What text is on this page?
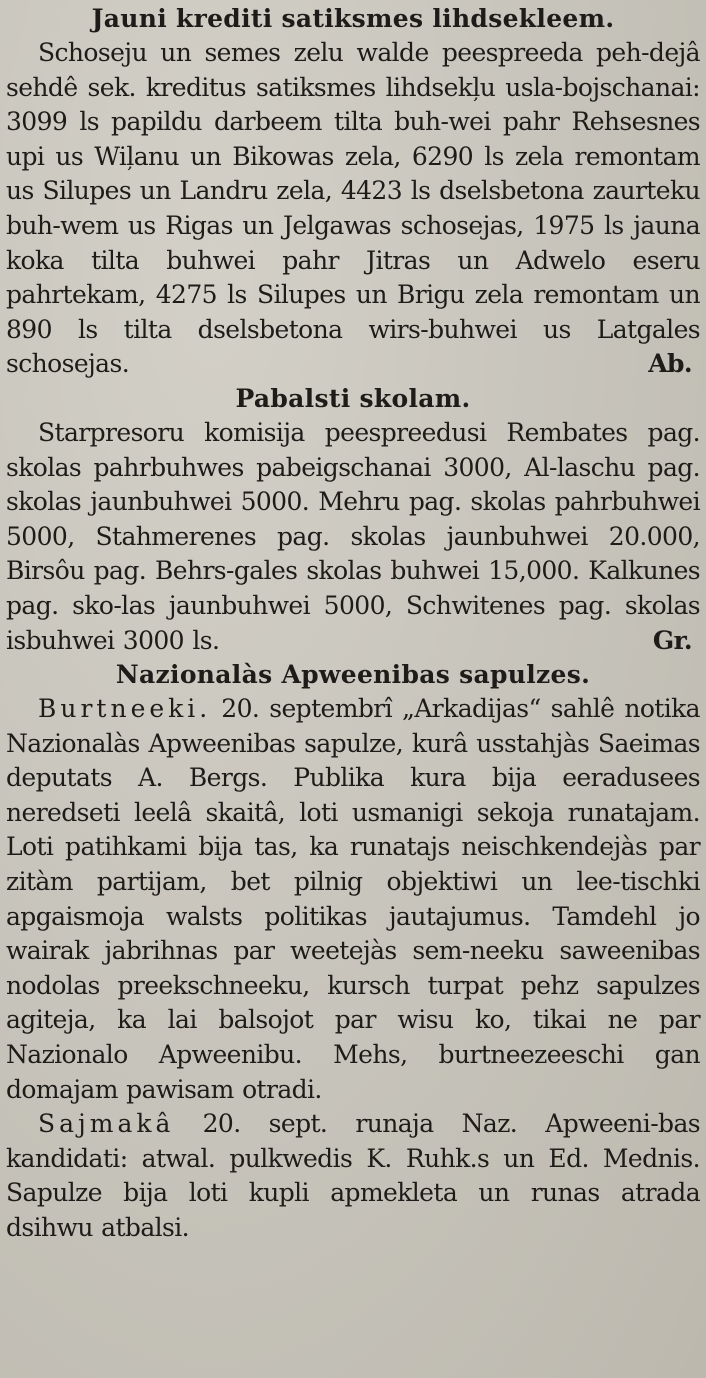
Jauni krediti satiksmes lihdsekleem.

Schoseju un semes zelu walde peespreeda peh-dejâ sehdê sek. kreditus satiksmes lihdsekļu usla-bojschanai: 3099 ls papildu darbeem tilta buh-wei pahr Rehsesnes upi us Wiļanu un Bikowas zela, 6290 ls zela remontam us Silupes un Landru zela, 4423 ls dselsbetona zaurteku buh-wem us Rigas un Jelgawas schosejas, 1975 ls jauna koka tilta buhwei pahr Jitras un Adwelo eseru pahrtekam, 4275 ls Silupes un Brigu zela remontam un 890 ls tilta dselsbetona wirs-buhwei us Latgales schosejas.	Ab.

Pabalsti skolam.

Starpresoru komisija peespreedusi Rembates pag. skolas pahrbuhwes pabeigschanai 3000, Al-laschu pag. skolas jaunbuhwei 5000. Mehru pag. skolas pahrbuhwei 5000, Stahmerenes pag. skolas jaunbuhwei 20.000, Birsôu pag. Behrs-gales skolas buhwei 15,000. Kalkunes pag. sko-las jaunbuhwei 5000, Schwitenes pag. skolas isbuhwei 3000 ls.	Gr.

Nazionalàs Apweenibas sapulzes.

Burtneeki. 20. septembrî „Arkadijas“ sahlê notika Nazionalàs Apweenibas sapulze, kurâ usstahjàs Saeimas deputats A. Bergs. Publika kura bija eeradusees neredseti leelâ skaitâ, loti usmanigi sekoja runatajam. Loti patihkami bija tas, ka runatajs neischkendejàs par zitàm partijam, bet pilnig objektiwi un lee-tischki apgaismoja walsts politikas jautajumus. Tamdehl jo wairak jabrihnas par weetejàs sem-neeku saweenibas nodolas preekschneeku, kursch turpat pehz sapulzes agiteja, ka lai balsojot par wisu ko, tikai ne par Nazionalo Apweenibu. Mehs, burtneezeeschi gan domajam pawisam otradi.

Sajmakâ 20. sept. runaja Naz. Apweeni-bas kandidati: atwal. pulkwedis K. Ruhk.s un Ed. Mednis. Sapulze bija loti kupli apmekleta un runas atrada dsihwu atbalsi.
